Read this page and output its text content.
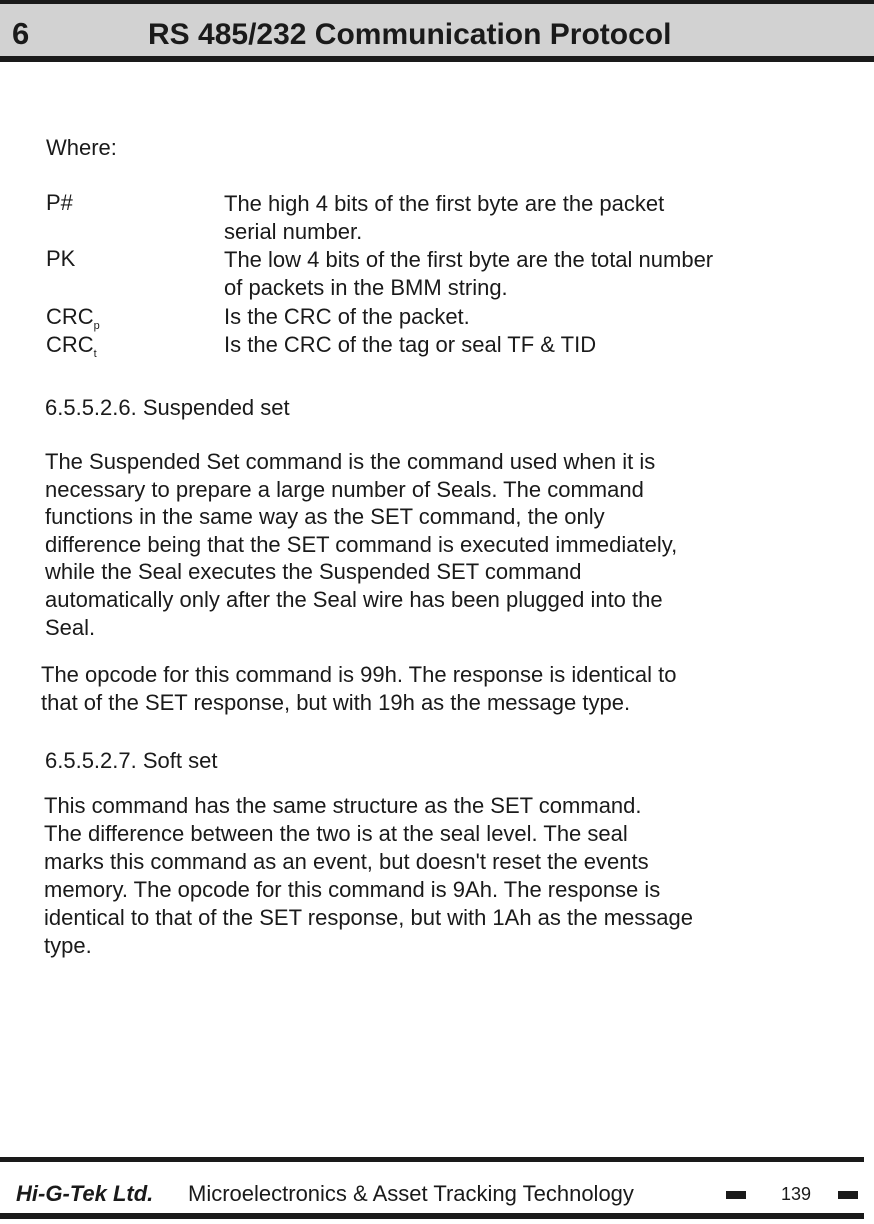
6	RS 485/232 Communication Protocol
Where:
P#	The high 4 bits of the first byte are the packet
serial number.
PK	The low 4 bits of the first byte are the total number
of packets in the BMM string.
$CRC_p$	Is the CRC of the packet.
$CRC_t$	Is the CRC of the tag or seal TF & TID
6.5.5.2.6. Suspended set
The Suspended Set command is the command used when it is
necessary to prepare a large number of Seals. The command
functions in the same way as the SET command, the only
difference being that the SET command is executed immediately,
while the Seal executes the Suspended SET command
automatically only after the Seal wire has been plugged into the
Seal.
The opcode for this command is 99h. The response is identical to
that of the SET response, but with 19h as the message type.
6.5.5.2.7. Soft set
This command has the same structure as the SET command.
The difference between the two is at the seal level. The seal
marks this command as an event, but doesn't reset the events
memory. The opcode for this command is 9Ah. The response is
identical to that of the SET response, but with 1Ah as the message
type.
Hi-G-Tek Ltd. Microelectronics & Asset Tracking Technology	139
